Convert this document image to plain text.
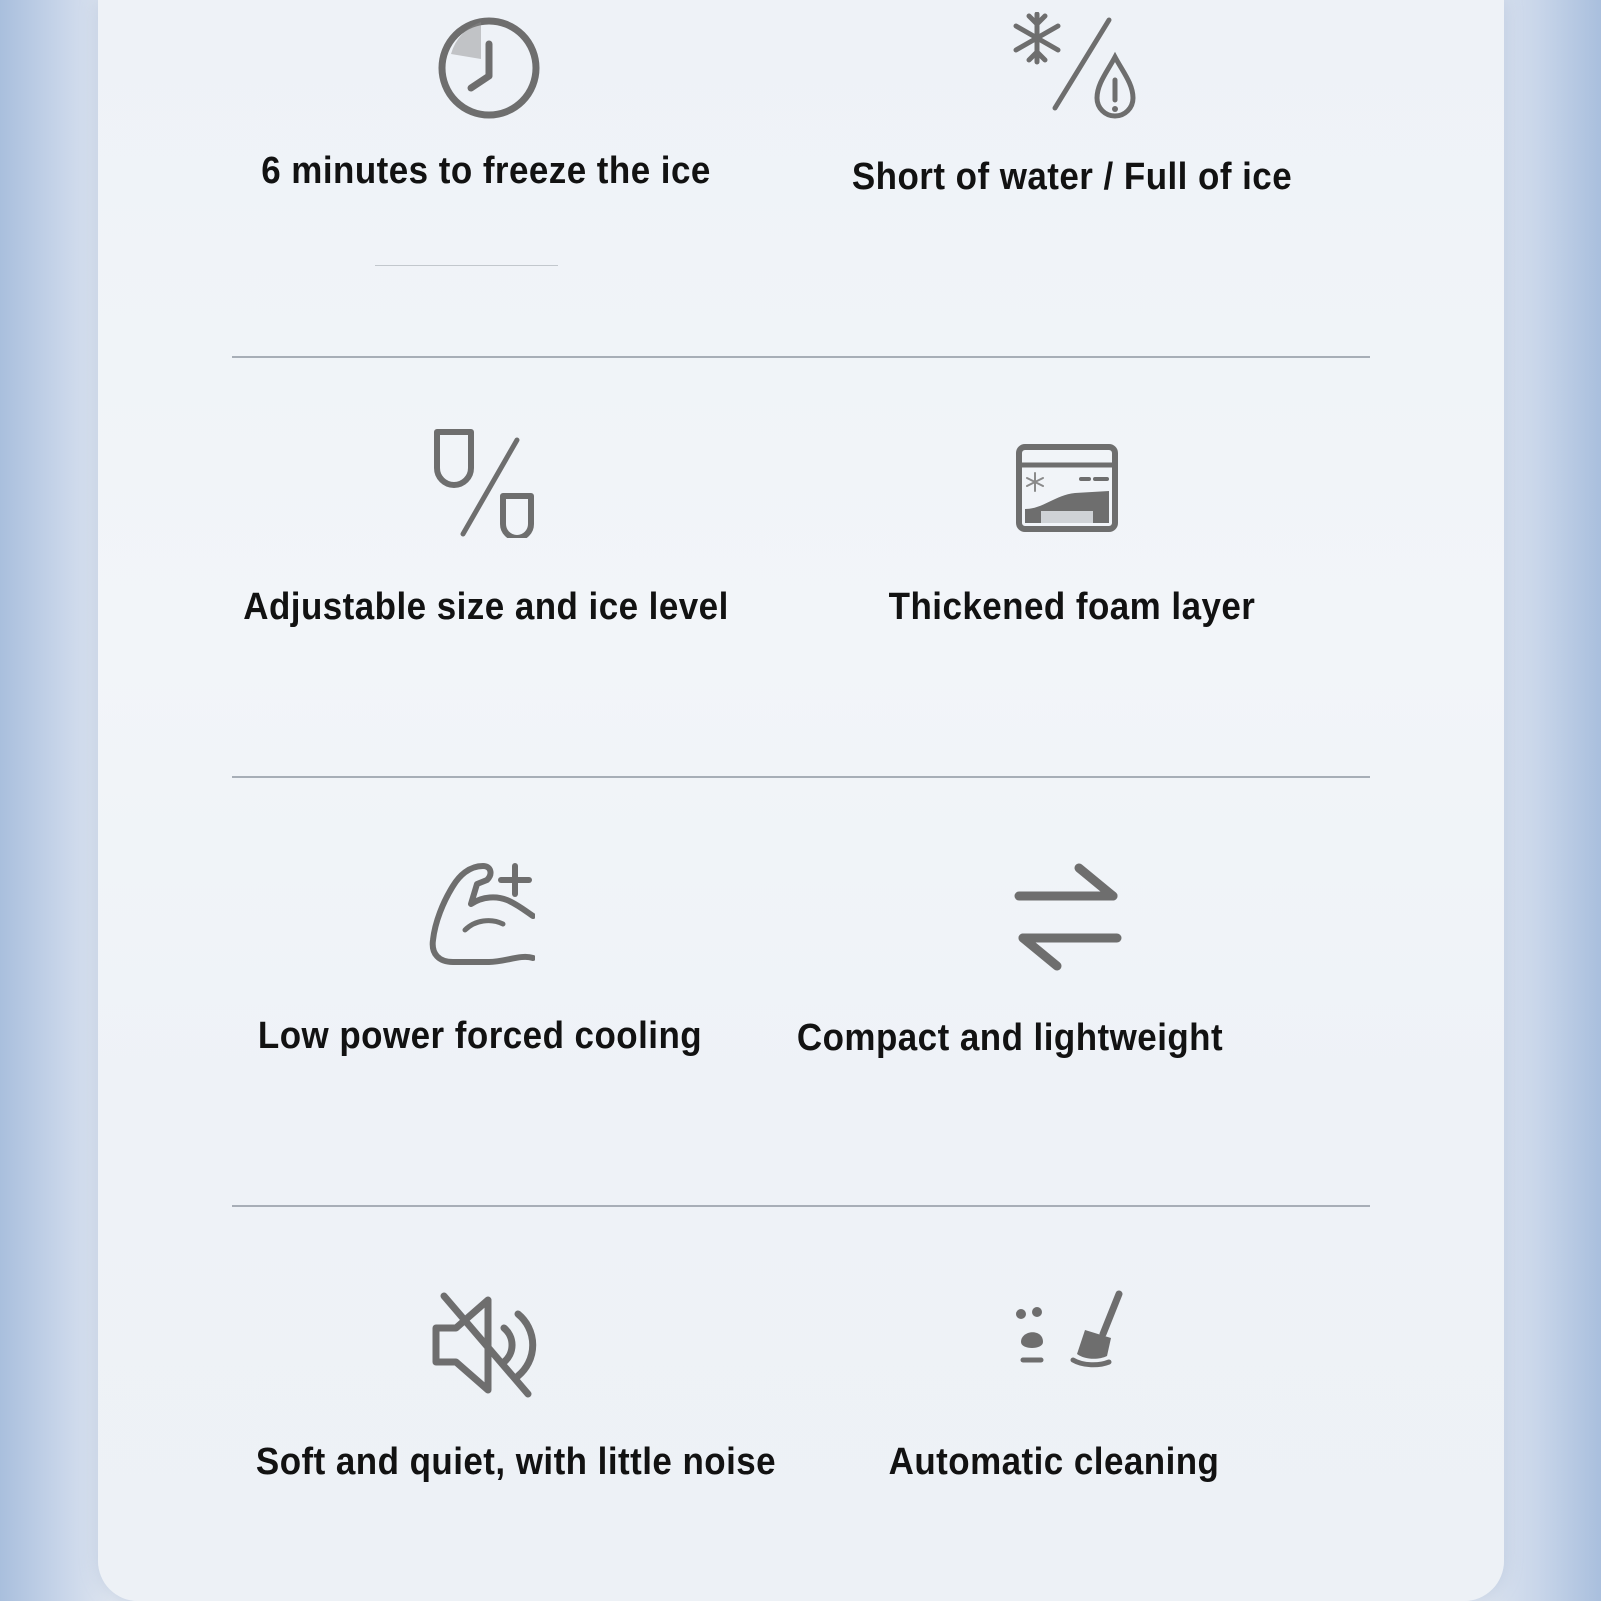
6 minutes to freeze the ice	Short of water / Full of ice
Adjustable size and ice level	Thickened foam layer
Low power forced cooling	Compact and lightweight
Soft and quiet, with little noise	Automatic cleaning
